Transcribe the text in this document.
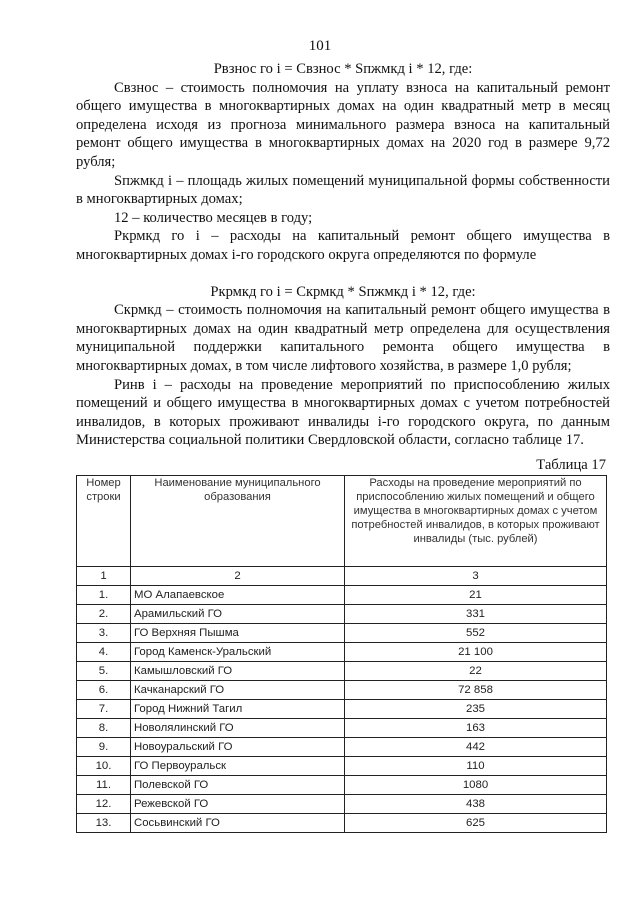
101

Рвзнос го i = Свзнос * Sпжмкд i * 12, где:

Свзнос – стоимость полномочия на уплату взноса на капитальный ремонт общего имущества в многоквартирных домах на один квадратный метр в месяц определена исходя из прогноза минимального размера взноса на капитальный ремонт общего имущества в многоквартирных домах на 2020 год в размере 9,72 рубля;

Sпжмкд i – площадь жилых помещений муниципальной формы собственности в многоквартирных домах;

12 – количество месяцев в году;

Ркрмкд го i – расходы на капитальный ремонт общего имущества в многоквартирных домах i-го городского округа определяются по формуле

Ркрмкд го i = Скрмкд * Sпжмкд i * 12, где:

Скрмкд – стоимость полномочия на капитальный ремонт общего имущества в многоквартирных домах на один квадратный метр определена для осуществления муниципальной поддержки капитального ремонта общего имущества в многоквартирных домах, в том числе лифтового хозяйства, в размере 1,0 рубля;

Ринв i – расходы на проведение мероприятий по приспособлению жилых помещений и общего имущества в многоквартирных домах с учетом потребностей инвалидов, в которых проживают инвалиды i-го городского округа, по данным Министерства социальной политики Свердловской области, согласно таблице 17.

Таблица 17
Номер строки	Наименование муниципального образования	Расходы на проведение мероприятий по приспособлению жилых помещений и общего имущества в многоквартирных домах с учетом потребностей инвалидов, в которых проживают инвалиды (тыс. рублей)
1	2	3
1.	МО Алапаевское	21
2.	Арамильский ГО	331
3.	ГО Верхняя Пышма	552
4.	Город Каменск-Уральский	21 100
5.	Камышловский ГО	22
6.	Качканарский ГО	72 858
7.	Город Нижний Тагил	235
8.	Новолялинский ГО	163
9.	Новоуральский ГО	442
10.	ГО Первоуральск	110
11.	Полевской ГО	1080
12.	Режевской ГО	438
13.	Сосьвинский ГО	625
